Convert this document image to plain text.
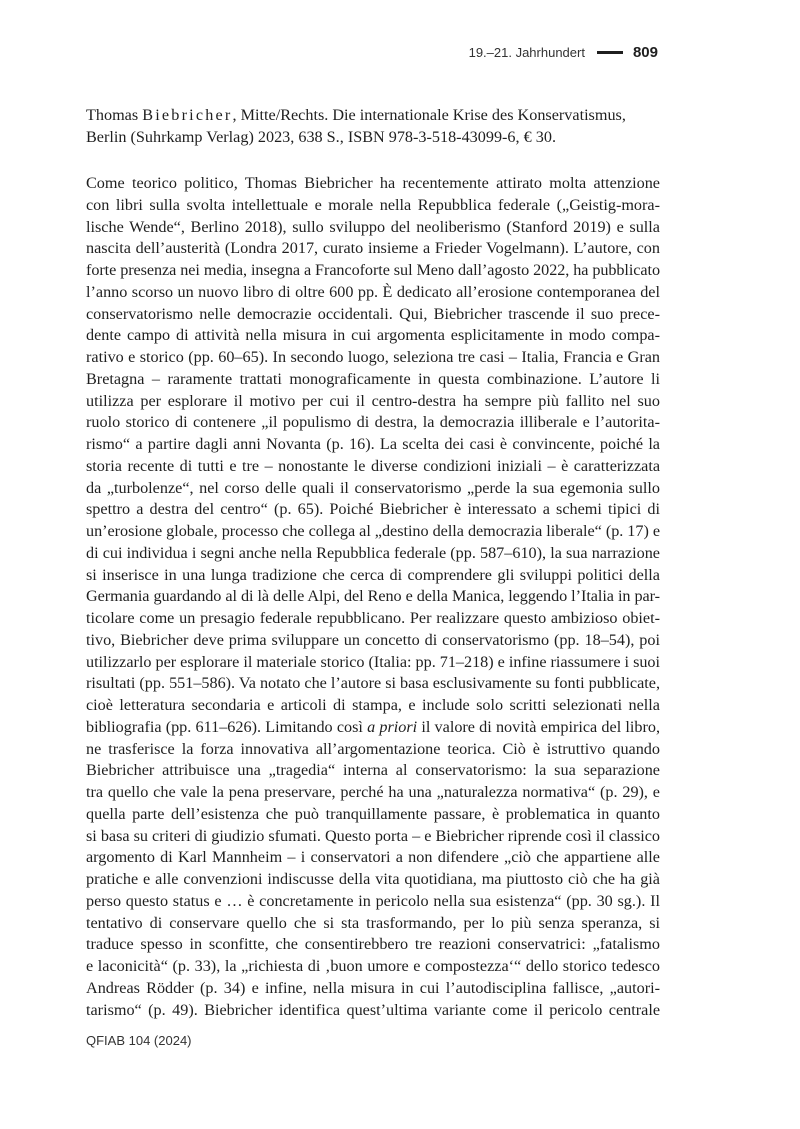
19.–21. Jahrhundert	809

Thomas Biebricher, Mitte/Rechts. Die internationale Krise des Konservatismus, Berlin (Suhrkamp Verlag) 2023, 638 S., ISBN 978-3-518-43099-6, € 30.

Come teorico politico, Thomas Biebricher ha recentemente attirato molta attenzione
con libri sulla svolta intellettuale e morale nella Repubblica federale („Geistig-mora-
lische Wende“, Berlino 2018), sullo sviluppo del neoliberismo (Stanford 2019) e sulla
nascita dell’austerità (Londra 2017, curato insieme a Frieder Vogelmann). L’autore, con
forte presenza nei media, insegna a Francoforte sul Meno dall’agosto 2022, ha pubblicato
l’anno scorso un nuovo libro di oltre 600 pp. È dedicato all’erosione contemporanea del
conservatorismo nelle democrazie occidentali. Qui, Biebricher trascende il suo prece-
dente campo di attività nella misura in cui argomenta esplicitamente in modo compa-
rativo e storico (pp. 60–65). In secondo luogo, seleziona tre casi – Italia, Francia e Gran
Bretagna – raramente trattati monograficamente in questa combinazione. L’autore li
utilizza per esplorare il motivo per cui il centro-destra ha sempre più fallito nel suo
ruolo storico di contenere „il populismo di destra, la democrazia illiberale e l’autorita-
rismo“ a partire dagli anni Novanta (p. 16). La scelta dei casi è convincente, poiché la
storia recente di tutti e tre – nonostante le diverse condizioni iniziali – è caratterizzata
da „turbolenze“, nel corso delle quali il conservatorismo „perde la sua egemonia sullo
spettro a destra del centro“ (p. 65). Poiché Biebricher è interessato a schemi tipici di
un’erosione globale, processo che collega al „destino della democrazia liberale“ (p. 17) e
di cui individua i segni anche nella Repubblica federale (pp. 587–610), la sua narrazione
si inserisce in una lunga tradizione che cerca di comprendere gli sviluppi politici della
Germania guardando al di là delle Alpi, del Reno e della Manica, leggendo l’Italia in par-
ticolare come un presagio federale repubblicano. Per realizzare questo ambizioso obiet-
tivo, Biebricher deve prima sviluppare un concetto di conservatorismo (pp. 18–54), poi
utilizzarlo per esplorare il materiale storico (Italia: pp. 71–218) e infine riassumere i suoi
risultati (pp. 551–586). Va notato che l’autore si basa esclusivamente su fonti pubblicate,
cioè letteratura secondaria e articoli di stampa, e include solo scritti selezionati nella
bibliografia (pp. 611–626). Limitando così a priori il valore di novità empirica del libro,
ne trasferisce la forza innovativa all’argomentazione teorica. Ciò è istruttivo quando
Biebricher attribuisce una „tragedia“ interna al conservatorismo: la sua separazione
tra quello che vale la pena preservare, perché ha una „naturalezza normativa“ (p. 29), e
quella parte dell’esistenza che può tranquillamente passare, è problematica in quanto
si basa su criteri di giudizio sfumati. Questo porta – e Biebricher riprende così il classico
argomento di Karl Mannheim – i conservatori a non difendere „ciò che appartiene alle
pratiche e alle convenzioni indiscusse della vita quotidiana, ma piuttosto ciò che ha già
perso questo status e … è concretamente in pericolo nella sua esistenza“ (pp. 30 sg.). Il
tentativo di conservare quello che si sta trasformando, per lo più senza speranza, si
traduce spesso in sconfitte, che consentirebbero tre reazioni conservatrici: „fatalismo
e laconicità“ (p. 33), la „richiesta di ‚buon umore e compostezza‘“ dello storico tedesco
Andreas Rödder (p. 34) e infine, nella misura in cui l’autodisciplina fallisce, „autori-
tarismo“ (p. 49). Biebricher identifica quest’ultima variante come il pericolo centrale
QFIAB 104 (2024)
